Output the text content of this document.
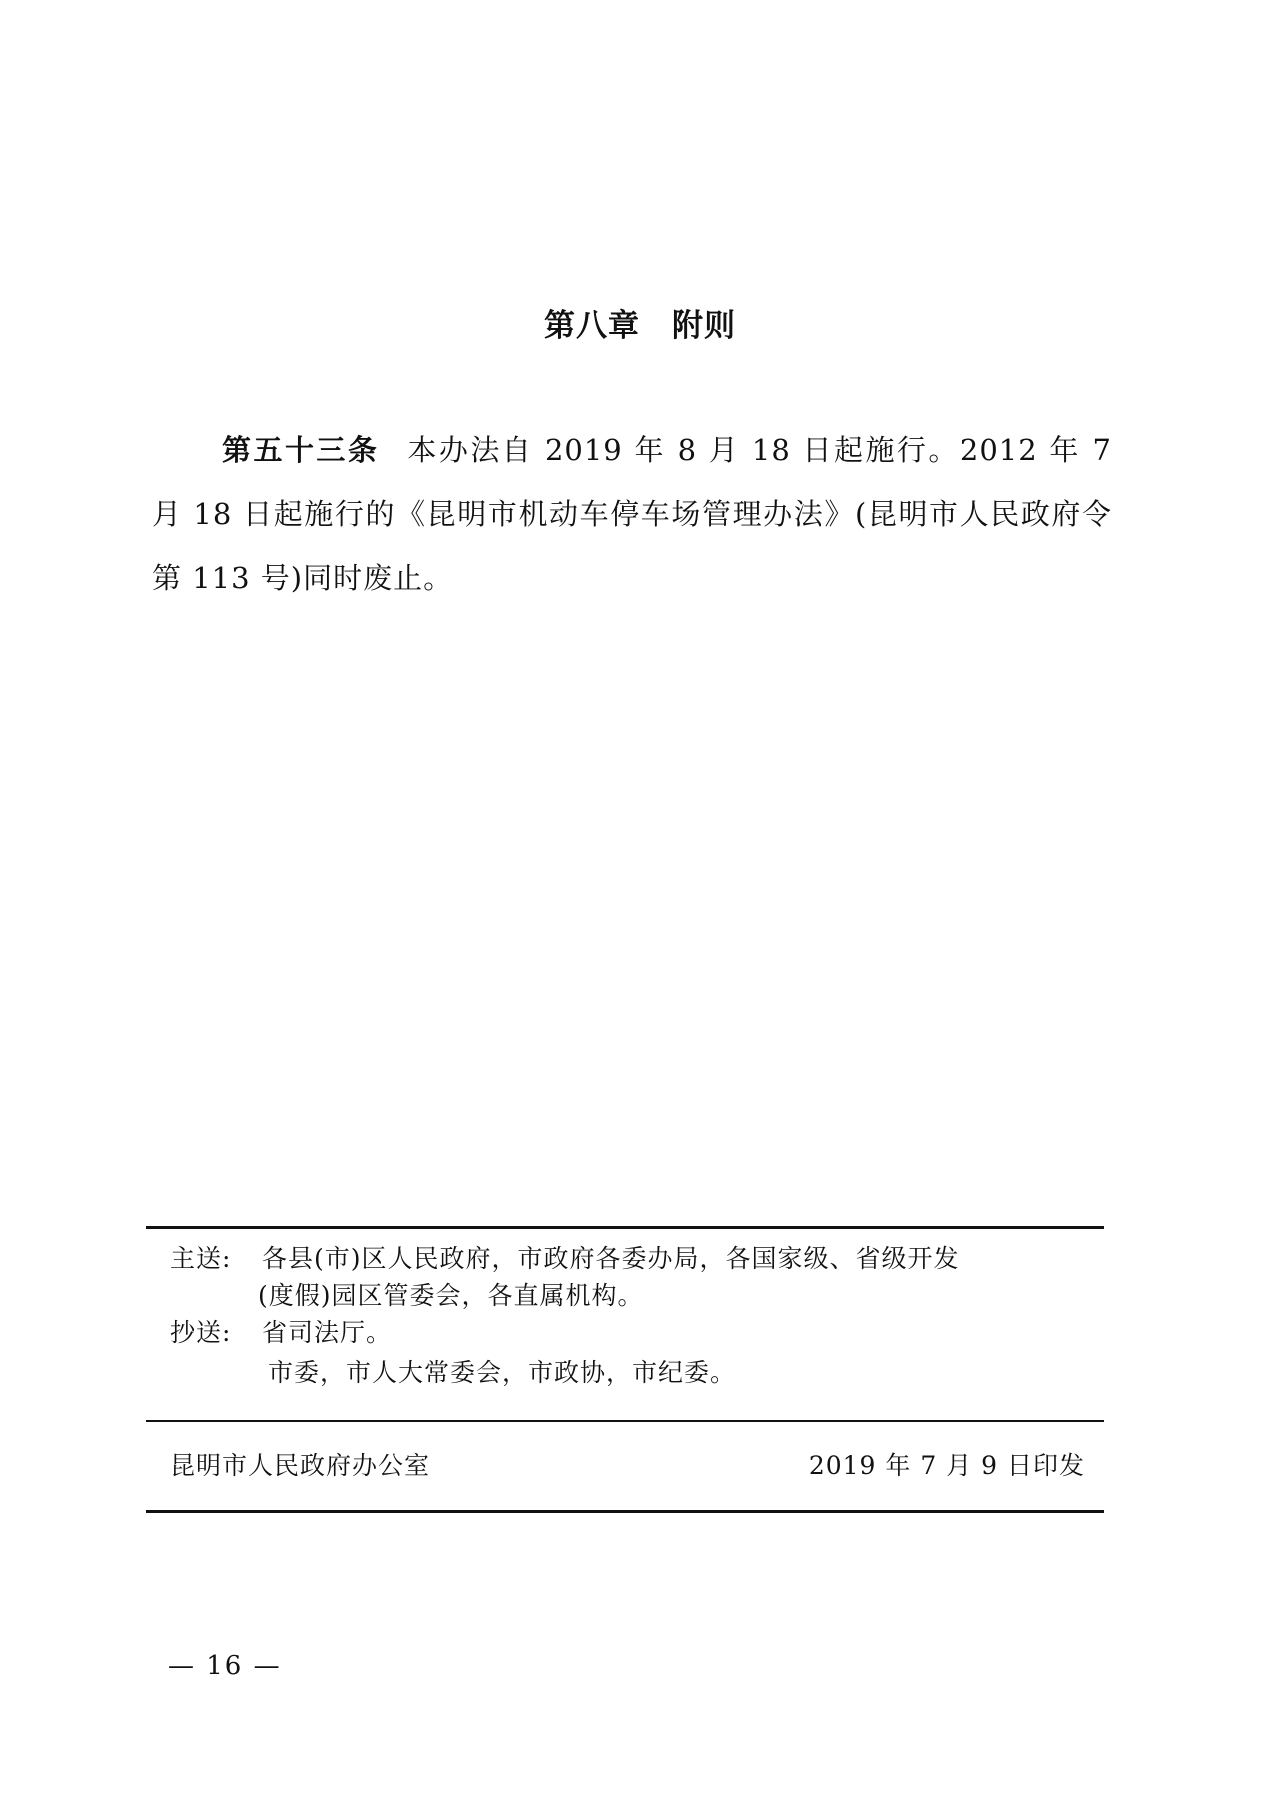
第八章　附则
第五十三条 本办法自 2019 年 8 月 18 日起施行。2012 年 7 月 18 日起施行的《昆明市机动车停车场管理办法》(昆明市人民政府令第 113 号)同时废止。
主送: 各县(市)区人民政府，市政府各委办局，各国家级、省级开发
(度假)园区管委会，各直属机构。
抄送: 省司法厅。
市委，市人大常委会，市政协，市纪委。
昆明市人民政府办公室	2019 年 7 月 9 日印发
— 16 —
